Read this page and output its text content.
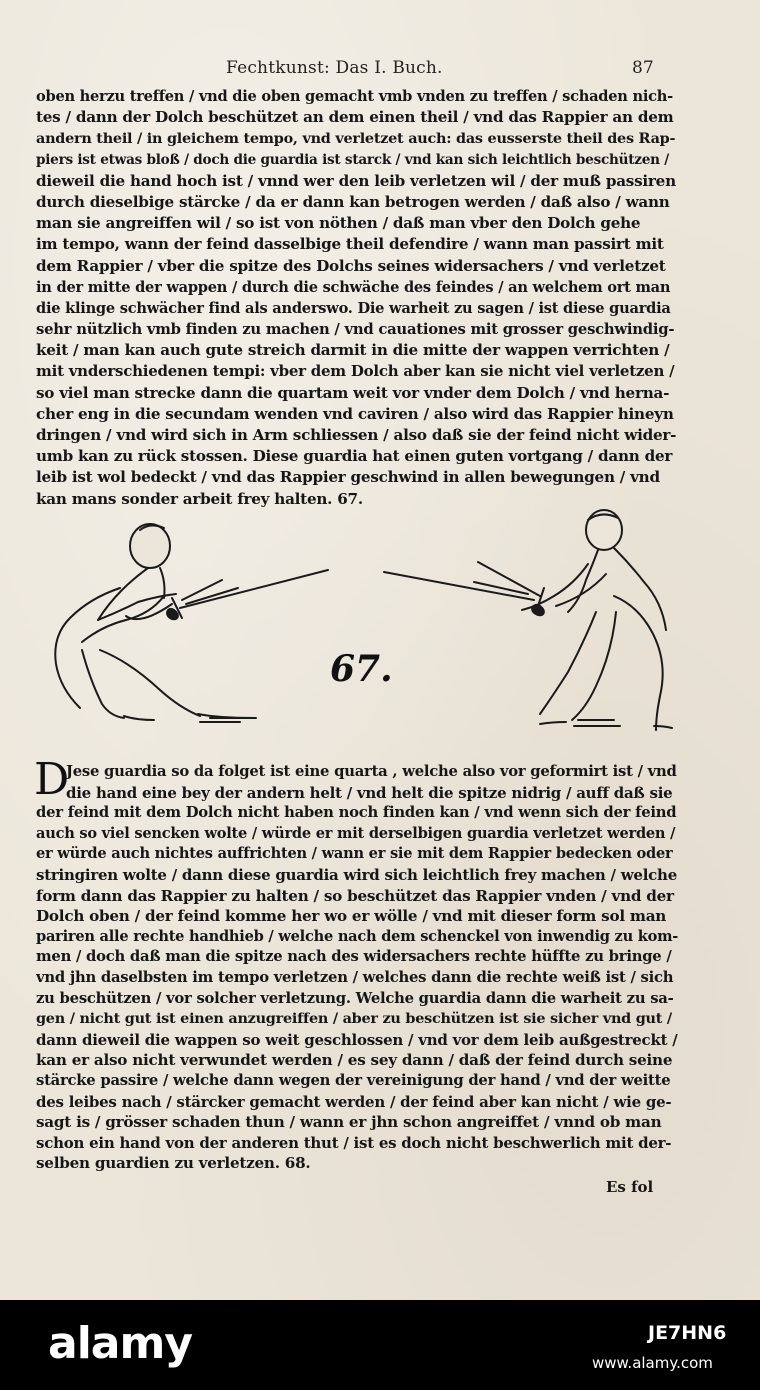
Fechtkunst: Das I. Buch.	87
oben herzu treffen / vnd die oben gemacht vmb vnden zu treffen / schaden nich-
tes / dann der Dolch beschützet an dem einen theil / vnd das Rappier an dem
andern theil / in gleichem tempo, vnd verletzet auch: das eusserste theil des Rap-
piers ist etwas bloß / doch die guardia ist starck / vnd kan sich leichtlich beschützen /
dieweil die hand hoch ist / vnnd wer den leib verletzen wil / der muß passiren
durch dieselbige stärcke / da er dann kan betrogen werden / daß also / wann
man sie angreiffen wil / so ist von nöthen / daß man vber den Dolch gehe
im tempo, wann der feind dasselbige theil defendire / wann man passirt mit
dem Rappier / vber die spitze des Dolchs seines widersachers / vnd verletzet
in der mitte der wappen / durch die schwäche des feindes / an welchem ort man
die klinge schwächer find als anderswo. Die warheit zu sagen / ist diese guardia
sehr nützlich vmb finden zu machen / vnd cauationes mit grosser geschwindig-
keit / man kan auch gute streich darmit in die mitte der wappen verrichten /
mit vnderschiedenen tempi: vber dem Dolch aber kan sie nicht viel verletzen /
so viel man strecke dann die quartam weit vor vnder dem Dolch / vnd herna-
cher eng in die secundam wenden vnd caviren / also wird das Rappier hineyn
dringen / vnd wird sich in Arm schliessen / also daß sie der feind nicht wider-
umb kan zu rück stossen. Diese guardia hat einen guten vortgang / dann der
leib ist wol bedeckt / vnd das Rappier geschwind in allen bewegungen / vnd
kan mans sonder arbeit frey halten. 67.
67.
D
Jese guardia so da folget ist eine quarta , welche also vor geformirt ist / vnd
die hand eine bey der andern helt / vnd helt die spitze nidrig / auff daß sie
der feind mit dem Dolch nicht haben noch finden kan / vnd wenn sich der feind
auch so viel sencken wolte / würde er mit derselbigen guardia verletzet werden /
er würde auch nichtes auffrichten / wann er sie mit dem Rappier bedecken oder
stringiren wolte / dann diese guardia wird sich leichtlich frey machen / welche
form dann das Rappier zu halten / so beschützet das Rappier vnden / vnd der
Dolch oben / der feind komme her wo er wölle / vnd mit dieser form sol man
pariren alle rechte handhieb / welche nach dem schenckel von inwendig zu kom-
men / doch daß man die spitze nach des widersachers rechte hüffte zu bringe /
vnd jhn daselbsten im tempo verletzen / welches dann die rechte weiß ist / sich
zu beschützen / vor solcher verletzung. Welche guardia dann die warheit zu sa-
gen / nicht gut ist einen anzugreiffen / aber zu beschützen ist sie sicher vnd gut /
dann dieweil die wappen so weit geschlossen / vnd vor dem leib außgestreckt /
kan er also nicht verwundet werden / es sey dann / daß der feind durch seine
stärcke passire / welche dann wegen der vereinigung der hand / vnd der weitte
des leibes nach / stärcker gemacht werden / der feind aber kan nicht / wie ge-
sagt is / grösser schaden thun / wann er jhn schon angreiffet / vnnd ob man
schon ein hand von der anderen thut / ist es doch nicht beschwerlich mit der-
selben guardien zu verletzen. 68.
Es fol
alamy	JE7HN6
www.alamy.com
